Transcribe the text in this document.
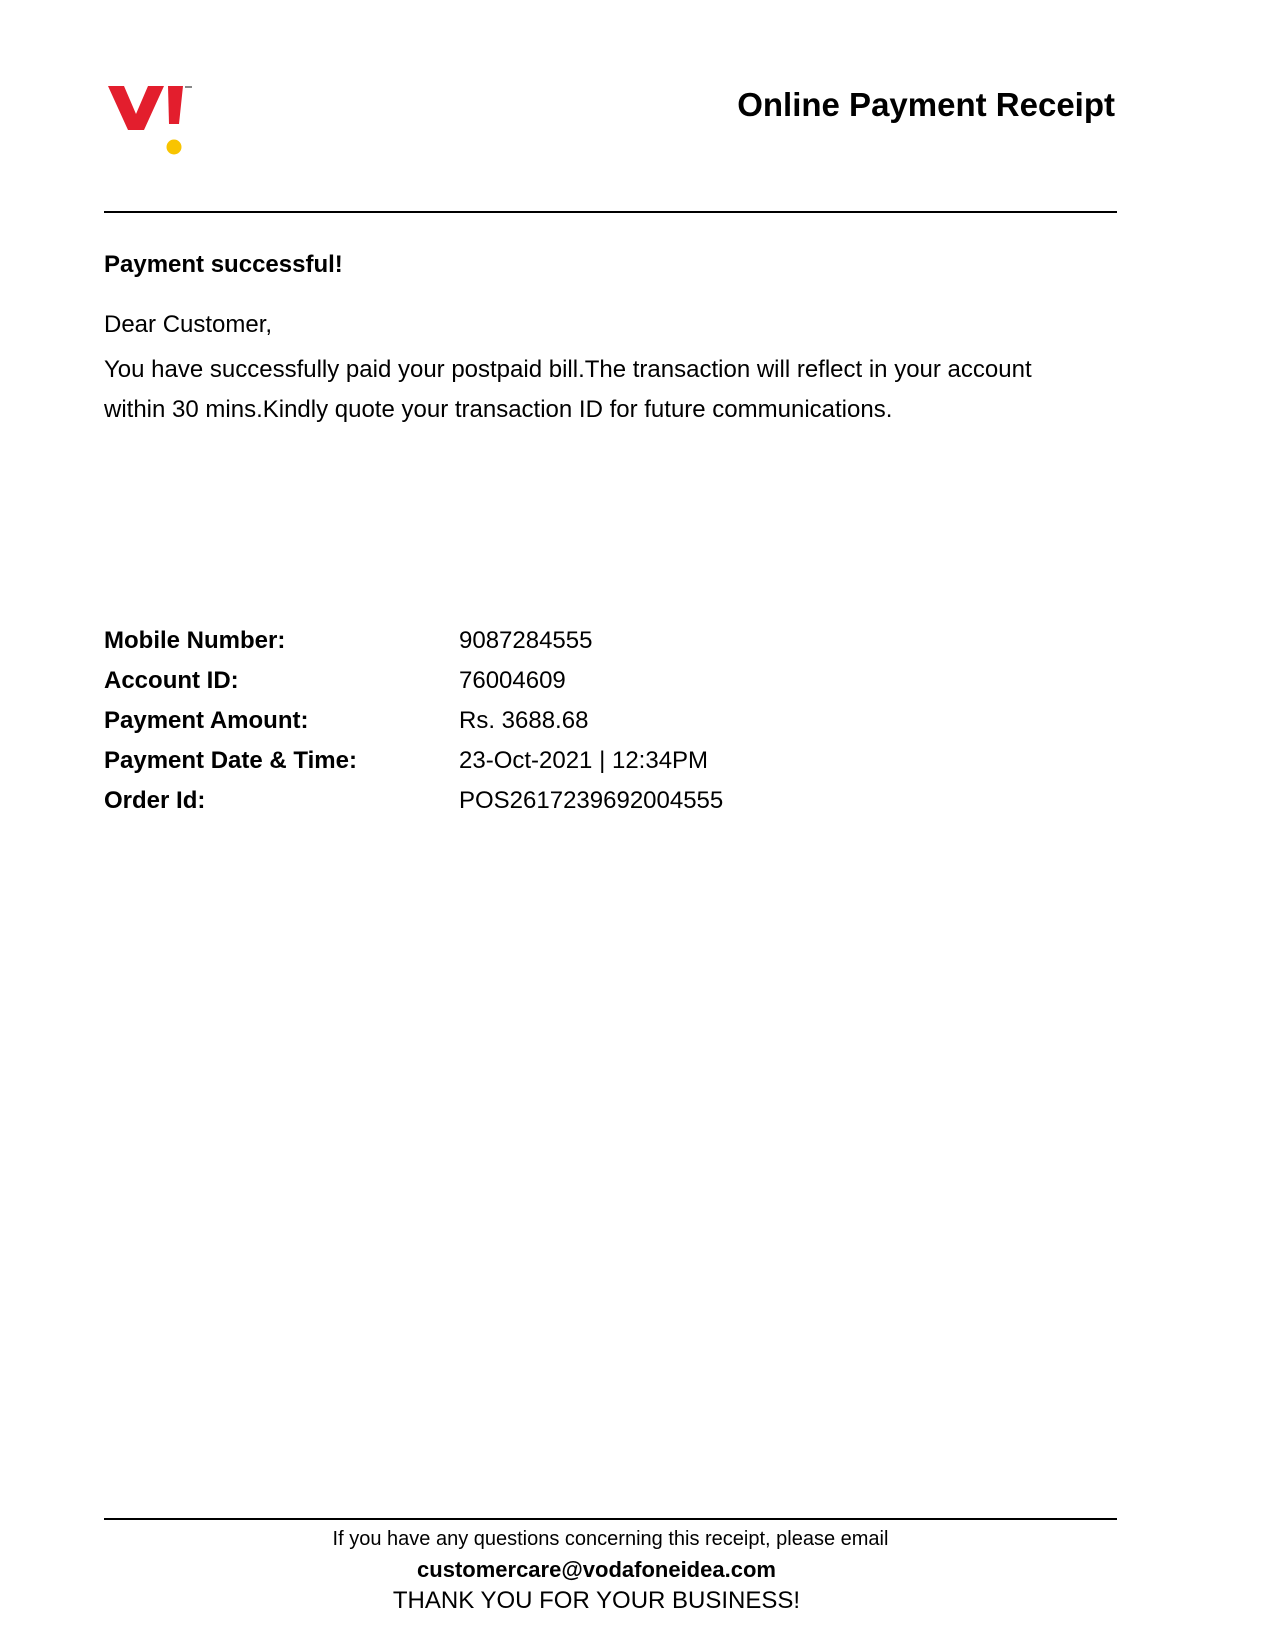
Online Payment Receipt
Payment successful!
Dear Customer,
You have successfully paid your postpaid bill.The transaction will reflect in your account
within 30 mins.Kindly quote your transaction ID for future communications.
Mobile Number:	9087284555
Account ID:	76004609
Payment Amount:	Rs. 3688.68
Payment Date & Time:	23-Oct-2021 | 12:34PM
Order Id:	POS2617239692004555
If you have any questions concerning this receipt, please email
customercare@vodafoneidea.com
THANK YOU FOR YOUR BUSINESS!
